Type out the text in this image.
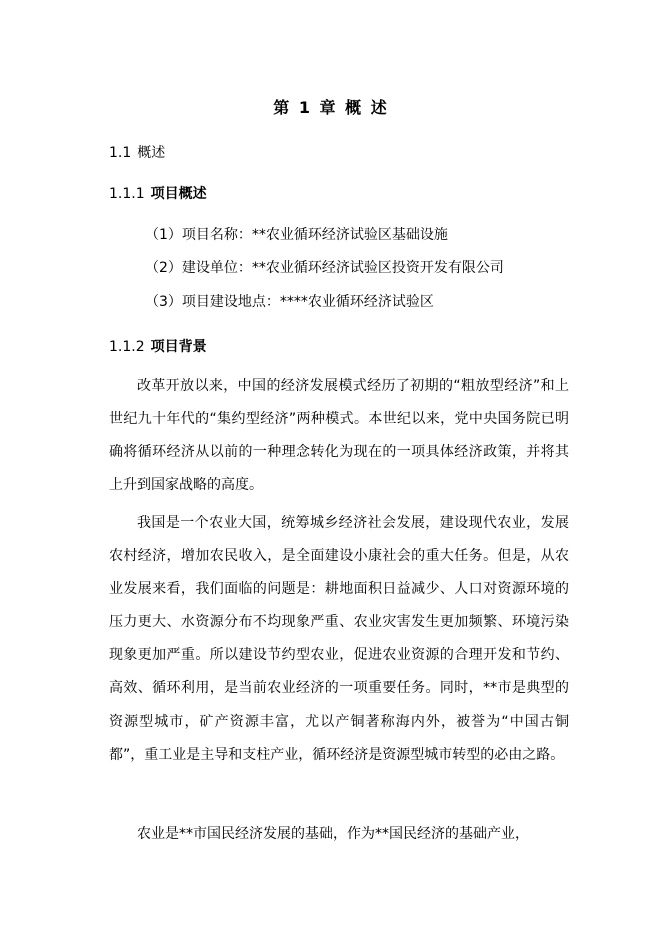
第 1 章 概 述
1.1 概述
1.1.1 项目概述
（1）项目名称：**农业循环经济试验区基础设施
（2）建设单位：**农业循环经济试验区投资开发有限公司
（3）项目建设地点：****农业循环经济试验区
1.1.2 项目背景

改革开放以来，中国的经济发展模式经历了初期的“粗放型经济”和上世纪九十年代的“集约型经济”两种模式。本世纪以来，党中央国务院已明确将循环经济从以前的一种理念转化为现在的一项具体经济政策，并将其上升到国家战略的高度。

我国是一个农业大国，统筹城乡经济社会发展，建设现代农业，发展农村经济，增加农民收入，是全面建设小康社会的重大任务。但是，从农业发展来看，我们面临的问题是：耕地面积日益减少、人口对资源环境的压力更大、水资源分布不均现象严重、农业灾害发生更加频繁、环境污染现象更加严重。所以建设节约型农业，促进农业资源的合理开发和节约、高效、循环利用，是当前农业经济的一项重要任务。同时，**市是典型的资源型城市，矿产资源丰富，尤以产铜著称海内外，被誉为“中国古铜都”，重工业是主导和支柱产业，循环经济是资源型城市转型的必由之路。

农业是**市国民经济发展的基础，作为**国民经济的基础产业，
